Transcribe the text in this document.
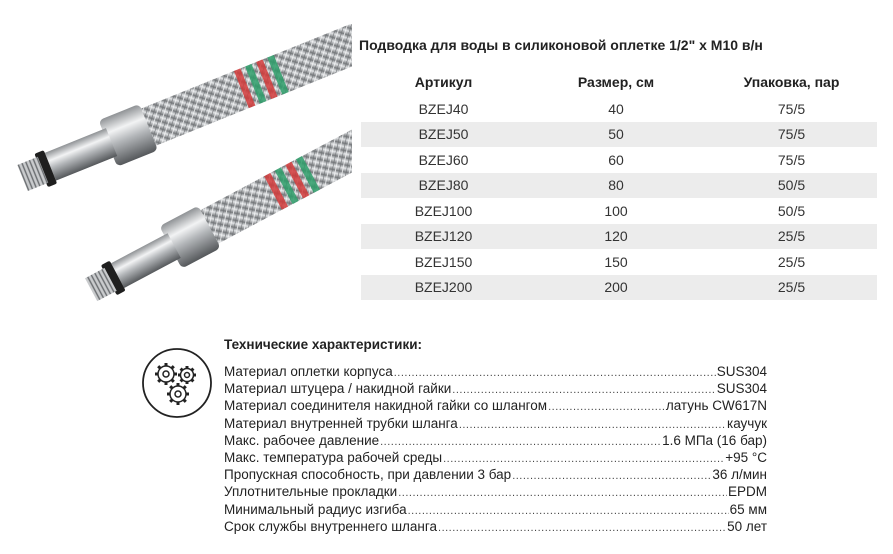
Подводка для воды в силиконовой оплетке 1/2" х М10 в/н
Артикул	Размер, см	Упаковка, пар
BZEJ40	40	75/5
BZEJ50	50	75/5
BZEJ60	60	75/5
BZEJ80	80	50/5
BZEJ100	100	50/5
BZEJ120	120	25/5
BZEJ150	150	25/5
BZEJ200	200	25/5
Технические характеристики:
Материал оплетки корпуса .....	SUS304
Материал штуцера / накидной гайки .....	SUS304
Материал соединителя накидной гайки со шлангом .....	латунь CW617N
Материал внутренней трубки шланга .....	каучук
Макс. рабочее давление .....	1.6 МПа (16 бар)
Макс. температура рабочей среды .....	+95 °С
Пропускная способность, при давлении 3 бар .....	36 л/мин
Уплотнительные прокладки .....	EPDM
Минимальный радиус изгиба .....	65 мм
Срок службы внутреннего шланга .....	50 лет
